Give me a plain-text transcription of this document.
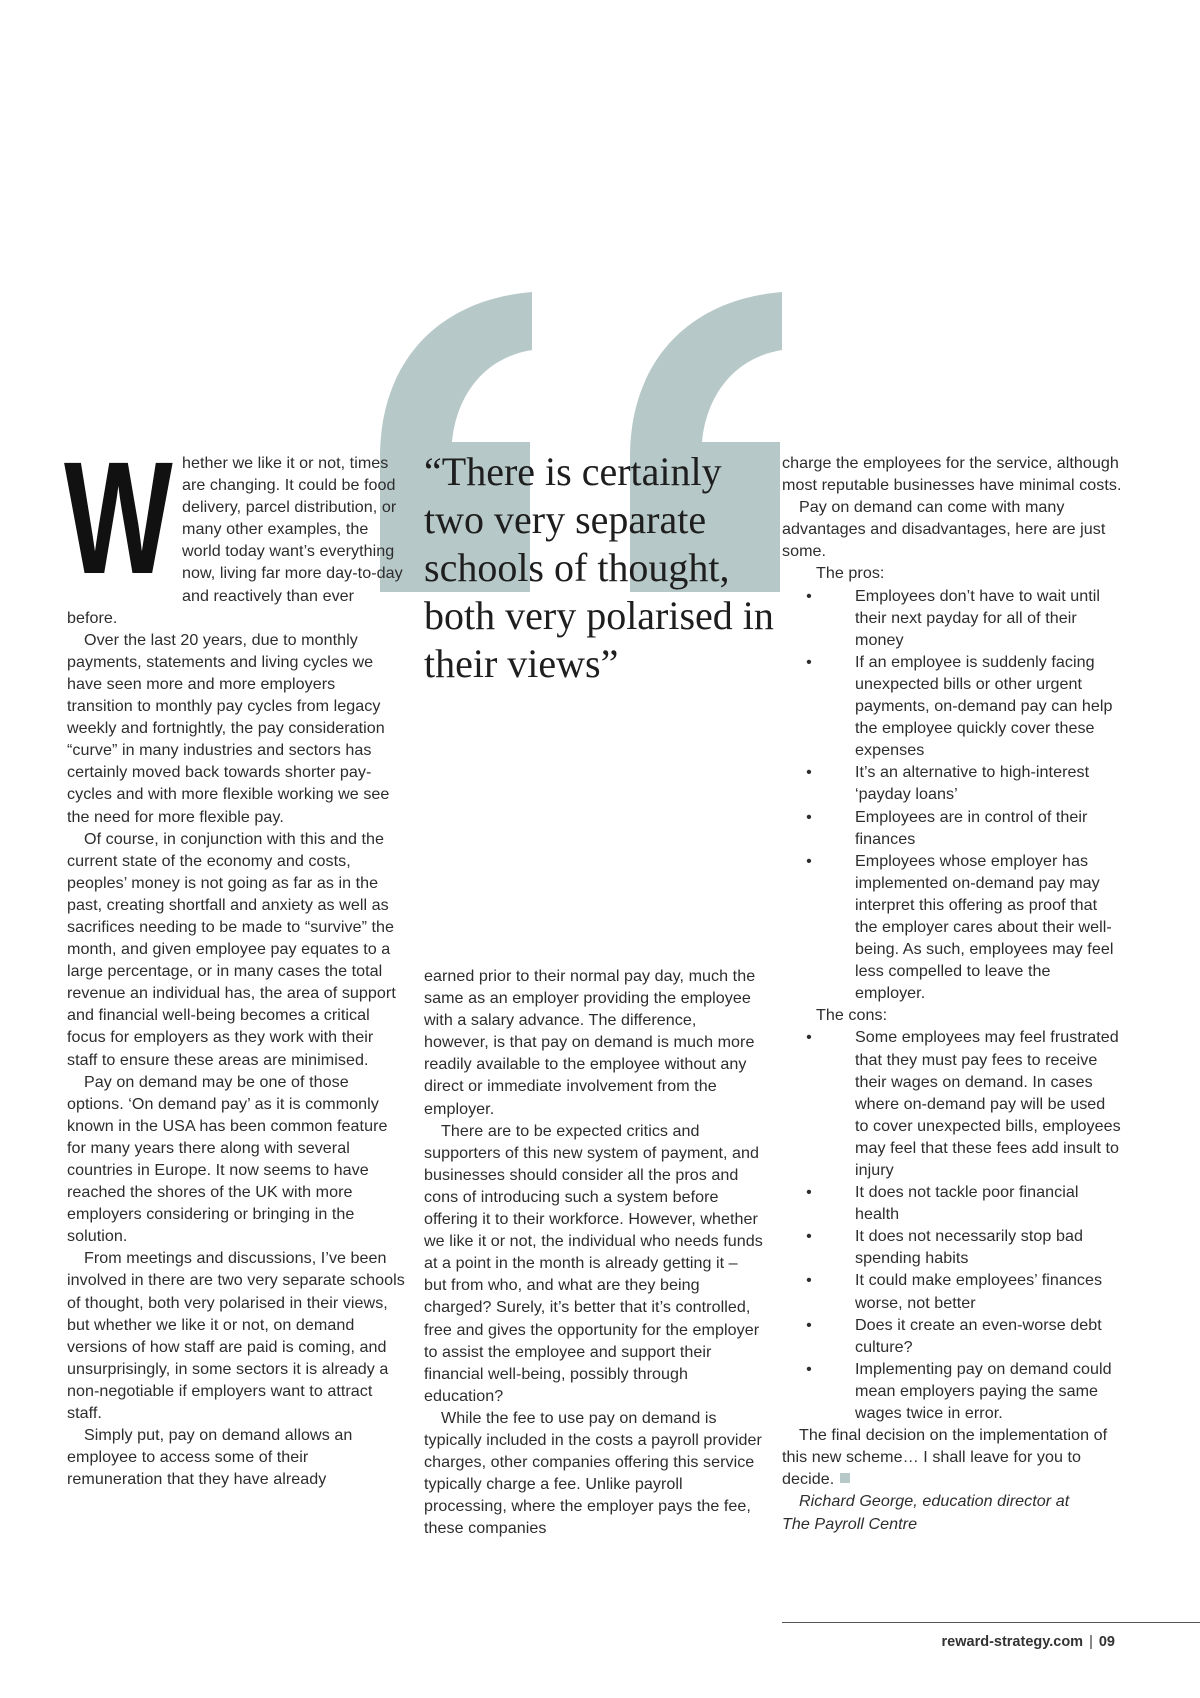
W hether we like it or not, times are changing. It could be food delivery, parcel distribution, or many other examples, the world today want’s everything now, living far more day-to-day and reactively than ever before.

Over the last 20 years, due to monthly payments, statements and living cycles we have seen more and more employers transition to monthly pay cycles from legacy weekly and fortnightly, the pay consideration “curve” in many industries and sectors has certainly moved back towards shorter pay-cycles and with more flexible working we see the need for more flexible pay.

Of course, in conjunction with this and the current state of the economy and costs, peoples’ money is not going as far as in the past, creating shortfall and anxiety as well as sacrifices needing to be made to “survive” the month, and given employee pay equates to a large percentage, or in many cases the total revenue an individual has, the area of support and financial well-being becomes a critical focus for employers as they work with their staff to ensure these areas are minimised.

Pay on demand may be one of those options. ‘On demand pay’ as it is commonly known in the USA has been common feature for many years there along with several countries in Europe. It now seems to have reached the shores of the UK with more employers considering or bringing in the solution.

From meetings and discussions, I’ve been involved in there are two very separate schools of thought, both very polarised in their views, but whether we like it or not, on demand versions of how staff are paid is coming, and unsurprisingly, in some sectors it is already a non-negotiable if employers want to attract staff.

Simply put, pay on demand allows an employee to access some of their remuneration that they have already

“There is certainly two very separate schools of thought, both very polarised in their views”

earned prior to their normal pay day, much the same as an employer providing the employee with a salary advance. The difference, however, is that pay on demand is much more readily available to the employee without any direct or immediate involvement from the employer.

There are to be expected critics and supporters of this new system of payment, and businesses should consider all the pros and cons of introducing such a system before offering it to their workforce. However, whether we like it or not, the individual who needs funds at a point in the month is already getting it – but from who, and what are they being charged? Surely, it’s better that it’s controlled, free and gives the opportunity for the employer to assist the employee and support their financial well-being, possibly through education?

While the fee to use pay on demand is typically included in the costs a payroll provider charges, other companies offering this service typically charge a fee. Unlike payroll processing, where the employer pays the fee, these companies

charge the employees for the service, although most reputable businesses have minimal costs.

Pay on demand can come with many advantages and disadvantages, here are just some.

The pros:

•	Employees don’t have to wait until their next payday for all of their money
•	If an employee is suddenly facing unexpected bills or other urgent payments, on-demand pay can help the employee quickly cover these expenses
•	It’s an alternative to high-interest ‘payday loans’
•	Employees are in control of their finances
•	Employees whose employer has implemented on-demand pay may interpret this offering as proof that the employer cares about their well-being. As such, employees may feel less compelled to leave the employer.

The cons:

•	Some employees may feel frustrated that they must pay fees to receive their wages on demand. In cases where on-demand pay will be used to cover unexpected bills, employees may feel that these fees add insult to injury
•	It does not tackle poor financial health
•	It does not necessarily stop bad spending habits
•	It could make employees’ finances worse, not better
•	Does it create an even-worse debt culture?
•	Implementing pay on demand could mean employers paying the same wages twice in error.

The final decision on the implementation of this new scheme… I shall leave for you to decide.

Richard George, education director at
The Payroll Centre

reward-strategy.com | 09
